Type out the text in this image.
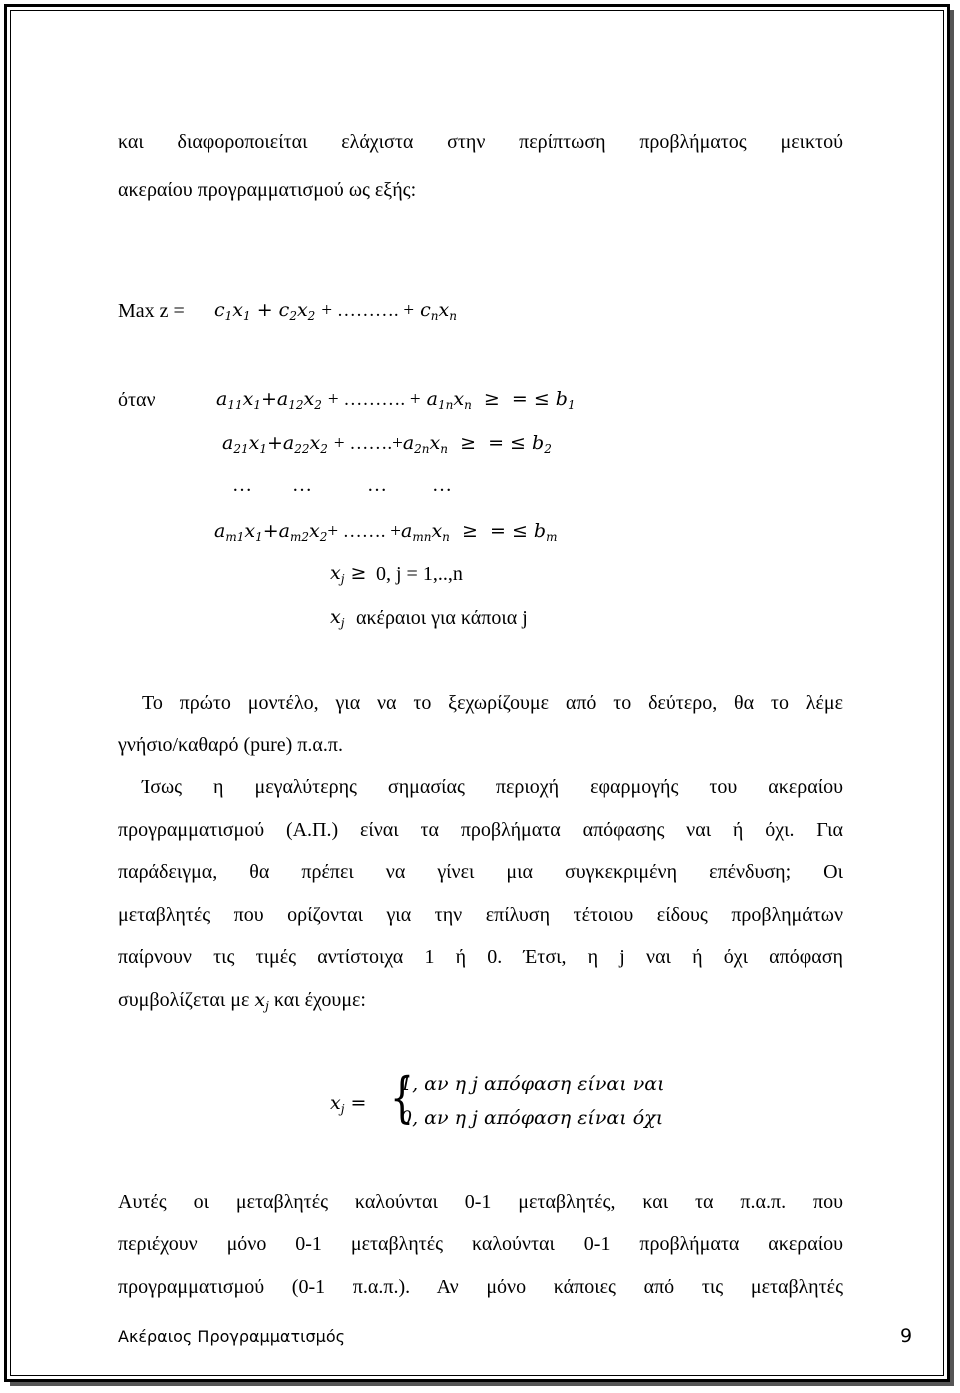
και διαφοροποιείται ελάχιστα στην περίπτωση προβλήματος μεικτού
ακεραίου προγραμματισμού ως εξής:
Max $z = c_1x_1 + c_2x_2$ + ………. + $c_nx_n$
όταν	$a_{11}x_1+a_{12}x_2$ + ………. + $a_{1n}x_n$  ≥  = ≤ $b_1$
$a_{21}x_1+a_{22}x_2$ + $\dots\dots.+a_{2n}x_n$  ≥  = ≤ $b_2$
…        …           …         …
$a_{m1}x_1+a_{m2}x_2+$ ……. $+a_{mn}x_n$  ≥  = ≤ $b_m$
$x_j \ge 0$, j = 1,..,n
$x_j$ ακέραιοι για κάποια j
Το πρώτο μοντέλο, για να το ξεχωρίζουμε από το δεύτερο, θα το λέμε
γνήσιο/καθαρό (pure) π.α.π.
Ίσως η μεγαλύτερης σημασίας περιοχή εφαρμογής του ακεραίου
προγραμματισμού (Α.Π.) είναι τα προβλήματα απόφασης ναι ή όχι. Για
παράδειγμα, θα πρέπει να γίνει μια συγκεκριμένη επένδυση; Οι
μεταβλητές που ορίζονται για την επίλυση τέτοιου είδους προβλημάτων
παίρνουν τις τιμές αντίστοιχα 1 ή 0. Έτσι, η j ναι ή όχι απόφαση
συμβολίζεται με $x_j$ και έχουμε:
$x_j$ = {
1, αν η j απόφαση είναι ναι
0, αν η j απόφαση είναι όχι
Αυτές οι μεταβλητές καλούνται 0-1 μεταβλητές, και τα π.α.π. που
περιέχουν μόνο 0-1 μεταβλητές καλούνται 0-1 προβλήματα ακεραίου
προγραμματισμού (0-1 π.α.π.). Αν μόνο κάποιες από τις μεταβλητές
Ακέραιος Προγραμματισμός	9
